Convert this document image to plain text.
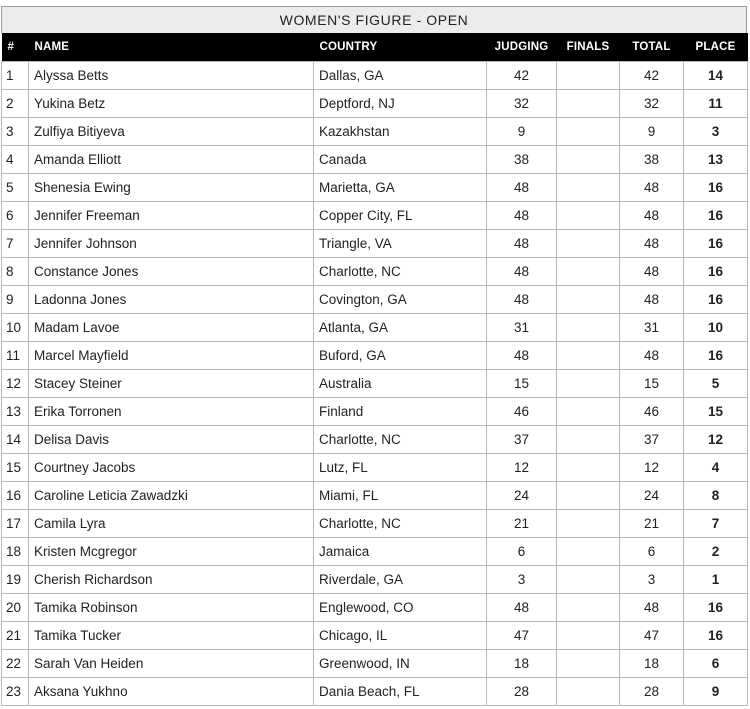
WOMEN'S FIGURE - OPEN
#	NAME	COUNTRY	JUDGING	FINALS	TOTAL	PLACE
1	Alyssa Betts	Dallas, GA	42		42	14
2	Yukina Betz	Deptford, NJ	32		32	11
3	Zulfiya Bitiyeva	Kazakhstan	9		9	3
4	Amanda Elliott	Canada	38		38	13
5	Shenesia Ewing	Marietta, GA	48		48	16
6	Jennifer Freeman	Copper City, FL	48		48	16
7	Jennifer Johnson	Triangle, VA	48		48	16
8	Constance Jones	Charlotte, NC	48		48	16
9	Ladonna Jones	Covington, GA	48		48	16
10	Madam Lavoe	Atlanta, GA	31		31	10
11	Marcel Mayfield	Buford, GA	48		48	16
12	Stacey Steiner	Australia	15		15	5
13	Erika Torronen	Finland	46		46	15
14	Delisa Davis	Charlotte, NC	37		37	12
15	Courtney Jacobs	Lutz, FL	12		12	4
16	Caroline Leticia Zawadzki	Miami, FL	24		24	8
17	Camila Lyra	Charlotte, NC	21		21	7
18	Kristen Mcgregor	Jamaica	6		6	2
19	Cherish Richardson	Riverdale, GA	3		3	1
20	Tamika Robinson	Englewood, CO	48		48	16
21	Tamika Tucker	Chicago, IL	47		47	16
22	Sarah Van Heiden	Greenwood, IN	18		18	6
23	Aksana Yukhno	Dania Beach, FL	28		28	9
